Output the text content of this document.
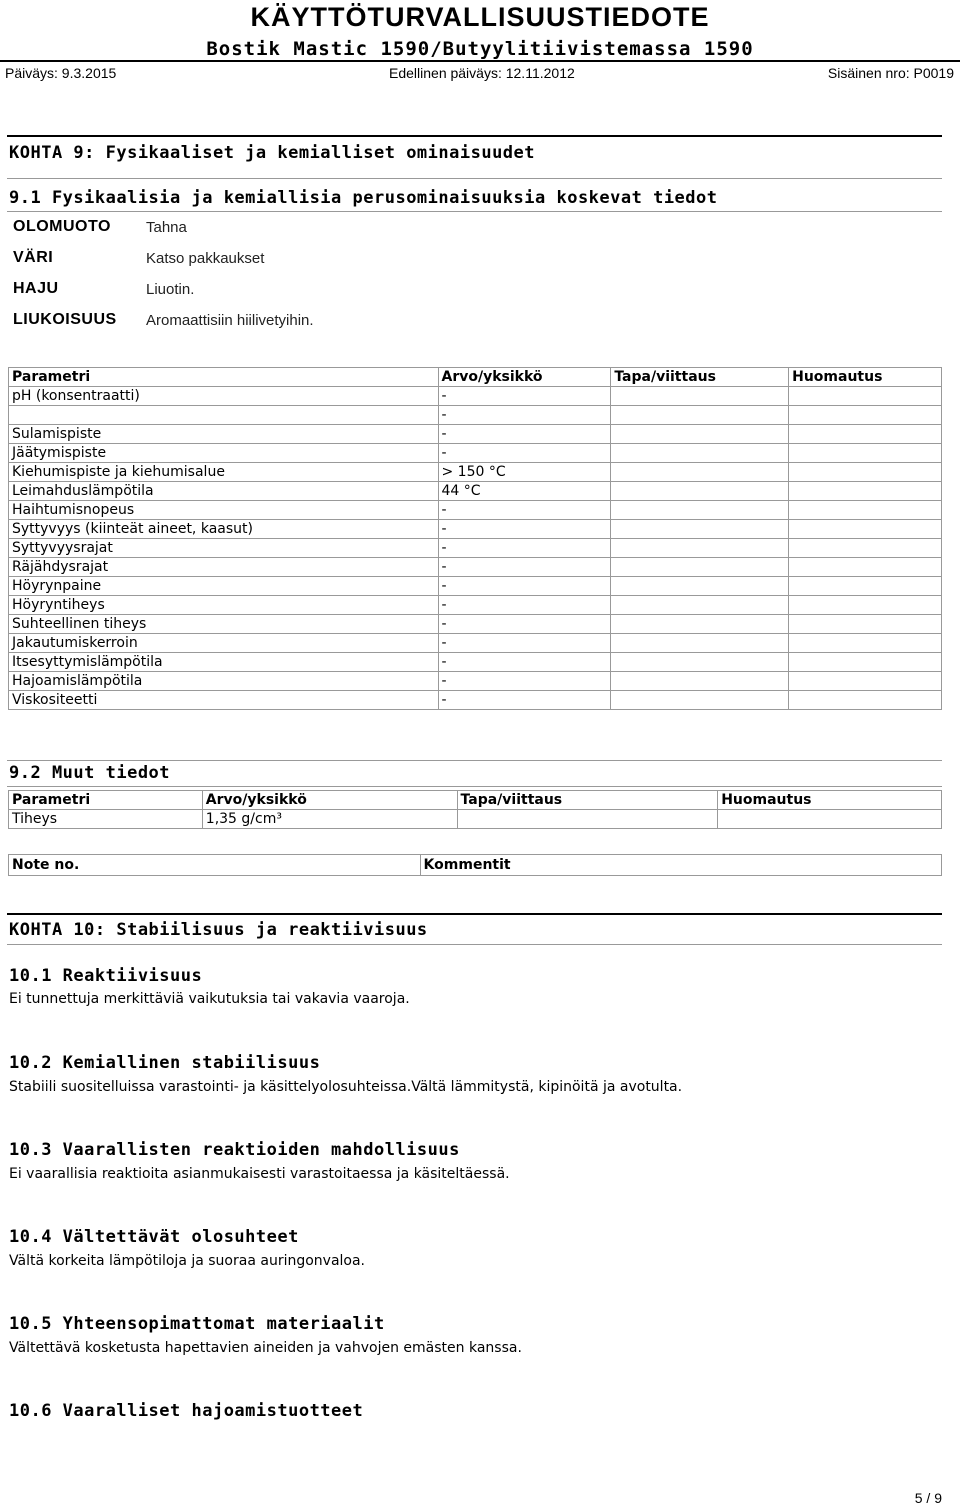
KÄYTTÖTURVALLISUUSTIEDOTE
Bostik Mastic 1590/Butyylitiivistemassa 1590
Päiväys: 9.3.2015	Edellinen päiväys: 12.11.2012	Sisäinen nro: P0019
KOHTA 9: Fysikaaliset ja kemialliset ominaisuudet
9.1 Fysikaalisia ja kemiallisia perusominaisuuksia koskevat tiedot
OLOMUOTO Tahna
VÄRI	Katso pakkaukset
HAJU	Liuotin.
LIUKOISUUS Aromaattisiin hiilivetyihin.
Parametri	Arvo/yksikkö	Tapa/viittaus	Huomautus
pH (konsentraatti)	-		
	-		
Sulamispiste	-		
Jäätymispiste	-		
Kiehumispiste ja kiehumisalue	> 150 °C		
Leimahduslämpötila	44 °C		
Haihtumisnopeus	-		
Syttyvyys (kiinteät aineet, kaasut)	-		
Syttyvyysrajat	-		
Räjähdysrajat	-		
Höyrynpaine	-		
Höyryntiheys	-		
Suhteellinen tiheys	-		
Jakautumiskerroin	-		
Itsesyttymislämpötila	-		
Hajoamislämpötila	-		
Viskositeetti	-		
9.2 Muut tiedot
Parametri	Arvo/yksikkö	Tapa/viittaus	Huomautus
Tiheys	1,35 g/cm³		
Note no.	Kommentit
KOHTA 10: Stabiilisuus ja reaktiivisuus
10.1 Reaktiivisuus
Ei tunnettuja merkittäviä vaikutuksia tai vakavia vaaroja.
10.2 Kemiallinen stabiilisuus
Stabiili suositelluissa varastointi- ja käsittelyolosuhteissa.Vältä lämmitystä, kipinöitä ja avotulta.
10.3 Vaarallisten reaktioiden mahdollisuus
Ei vaarallisia reaktioita asianmukaisesti varastoitaessa ja käsiteltäessä.
10.4 Vältettävät olosuhteet
Vältä korkeita lämpötiloja ja suoraa auringonvaloa.
10.5 Yhteensopimattomat materiaalit
Vältettävä kosketusta hapettavien aineiden ja vahvojen emästen kanssa.
10.6 Vaaralliset hajoamistuotteet
5 / 9
